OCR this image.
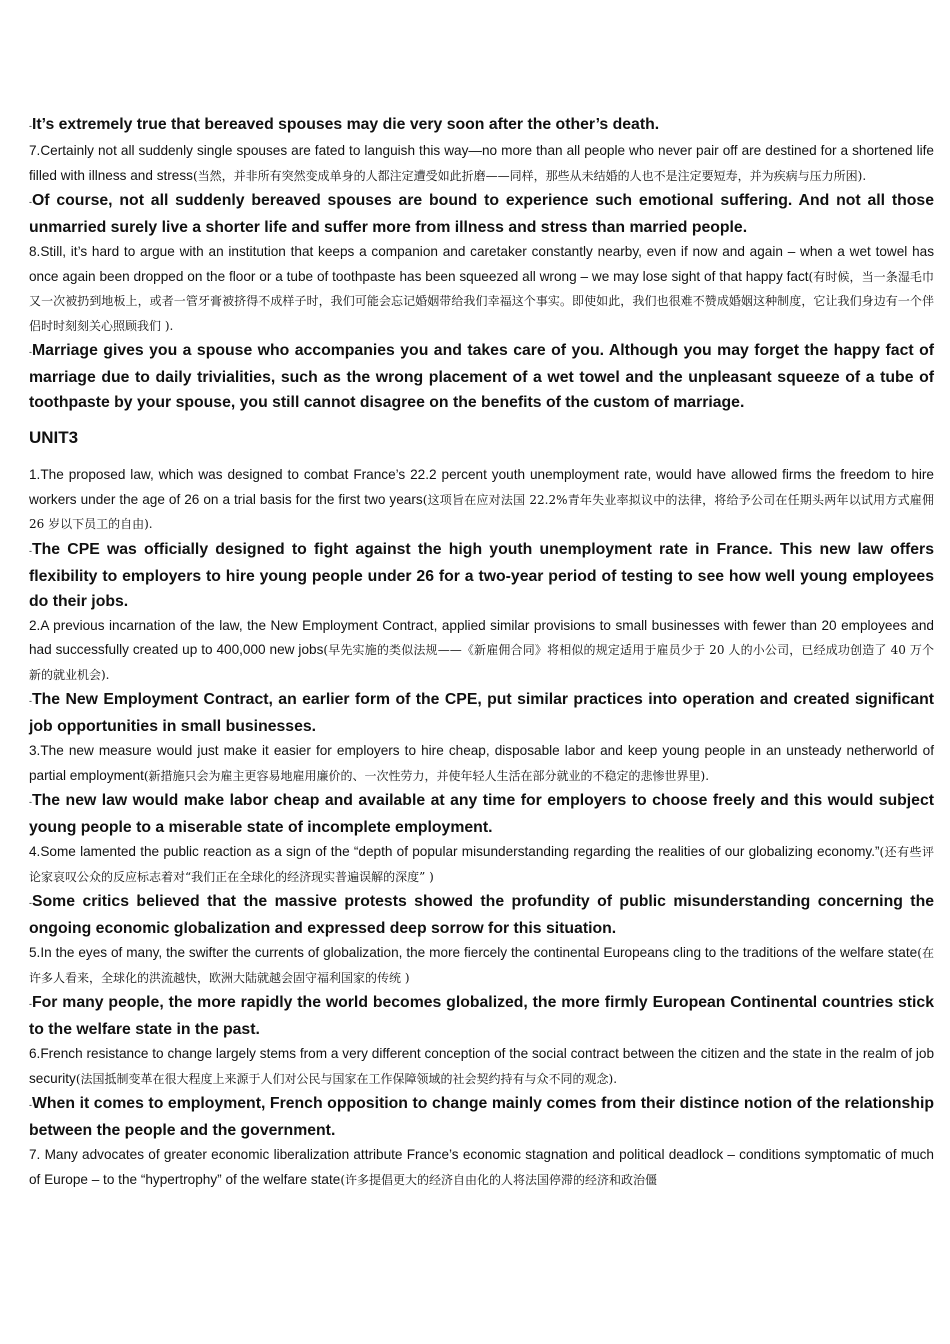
-It’s extremely true that bereaved spouses may die very soon after the other’s death.

7.Certainly not all suddenly single spouses are fated to languish this way—no more than all people who never pair off are destined for a shortened life filled with illness and stress(当然，并非所有突然变成单身的人都注定遭受如此折磨——同样，那些从未结婚的人也不是注定要短寿，并为疾病与压力所困).

-Of course, not all suddenly bereaved spouses are bound to experience such emotional suffering. And not all those unmarried surely live a shorter life and suffer more from illness and stress than married people.

8.Still, it’s hard to argue with an institution that keeps a companion and caretaker constantly nearby, even if now and again – when a wet towel has once again been dropped on the floor or a tube of toothpaste has been squeezed all wrong – we may lose sight of that happy fact(有时候，当一条湿毛巾又一次被扔到地板上，或者一管牙膏被挤得不成样子时，我们可能会忘记婚姻带给我们幸福这个事实。即使如此，我们也很难不赞成婚姻这种制度，它让我们身边有一个伴侣时时刻刻关心照顾我们 ).

-Marriage gives you a spouse who accompanies you and takes care of you. Although you may forget the happy fact of marriage due to daily trivialities, such as the wrong placement of a wet towel and the unpleasant squeeze of a tube of toothpaste by your spouse, you still cannot disagree on the benefits of the custom of marriage.

UNIT3

1.The proposed law, which was designed to combat France’s 22.2 percent youth unemployment rate, would have allowed firms the freedom to hire workers under the age of 26 on a trial basis for the first two years(这项旨在应对法国 22.2%青年失业率拟议中的法律，将给予公司在任期头两年以试用方式雇佣 26 岁以下员工的自由).

-The CPE was officially designed to fight against the high youth unemployment rate in France. This new law offers flexibility to employers to hire young people under 26 for a two-year period of testing to see how well young employees do their jobs.

2.A previous incarnation of the law, the New Employment Contract, applied similar provisions to small businesses with fewer than 20 employees and had successfully created up to 400,000 new jobs(早先实施的类似法规——《新雇佣合同》将相似的规定适用于雇员少于 20 人的小公司，已经成功创造了 40 万个新的就业机会).

-The New Employment Contract, an earlier form of the CPE, put similar practices into operation and created significant job opportunities in small businesses.

3.The new measure would just make it easier for employers to hire cheap, disposable labor and keep young people in an unsteady netherworld of partial employment(新措施只会为雇主更容易地雇用廉价的、一次性劳力，并使年轻人生活在部分就业的不稳定的悲惨世界里).

-The new law would make labor cheap and available at any time for employers to choose freely and this would subject young people to a miserable state of incomplete employment.

4.Some lamented the public reaction as a sign of the “depth of popular misunderstanding regarding the realities of our globalizing economy.”(还有些评论家哀叹公众的反应标志着对“我们正在全球化的经济现实普遍误解的深度” )

-Some critics believed that the massive protests showed the profundity of public misunderstanding concerning the ongoing economic globalization and expressed deep sorrow for this situation.

5.In the eyes of many, the swifter the currents of globalization, the more fiercely the continental Europeans cling to the traditions of the welfare state(在许多人看来，全球化的洪流越快，欧洲大陆就越会固守福利国家的传统 )

-For many people, the more rapidly the world becomes globalized, the more firmly European Continental countries stick to the welfare state in the past.

6.French resistance to change largely stems from a very different conception of the social contract between the citizen and the state in the realm of job security(法国抵制变革在很大程度上来源于人们对公民与国家在工作保障领域的社会契约持有与众不同的观念).

-When it comes to employment, French opposition to change mainly comes from their distince notion of the relationship between the people and the government.

7. Many advocates of greater economic liberalization attribute France’s economic stagnation and political deadlock – conditions symptomatic of much of Europe – to the “hypertrophy” of the welfare state(许多提倡更大的经济自由化的人将法国停滞的经济和政治僵
